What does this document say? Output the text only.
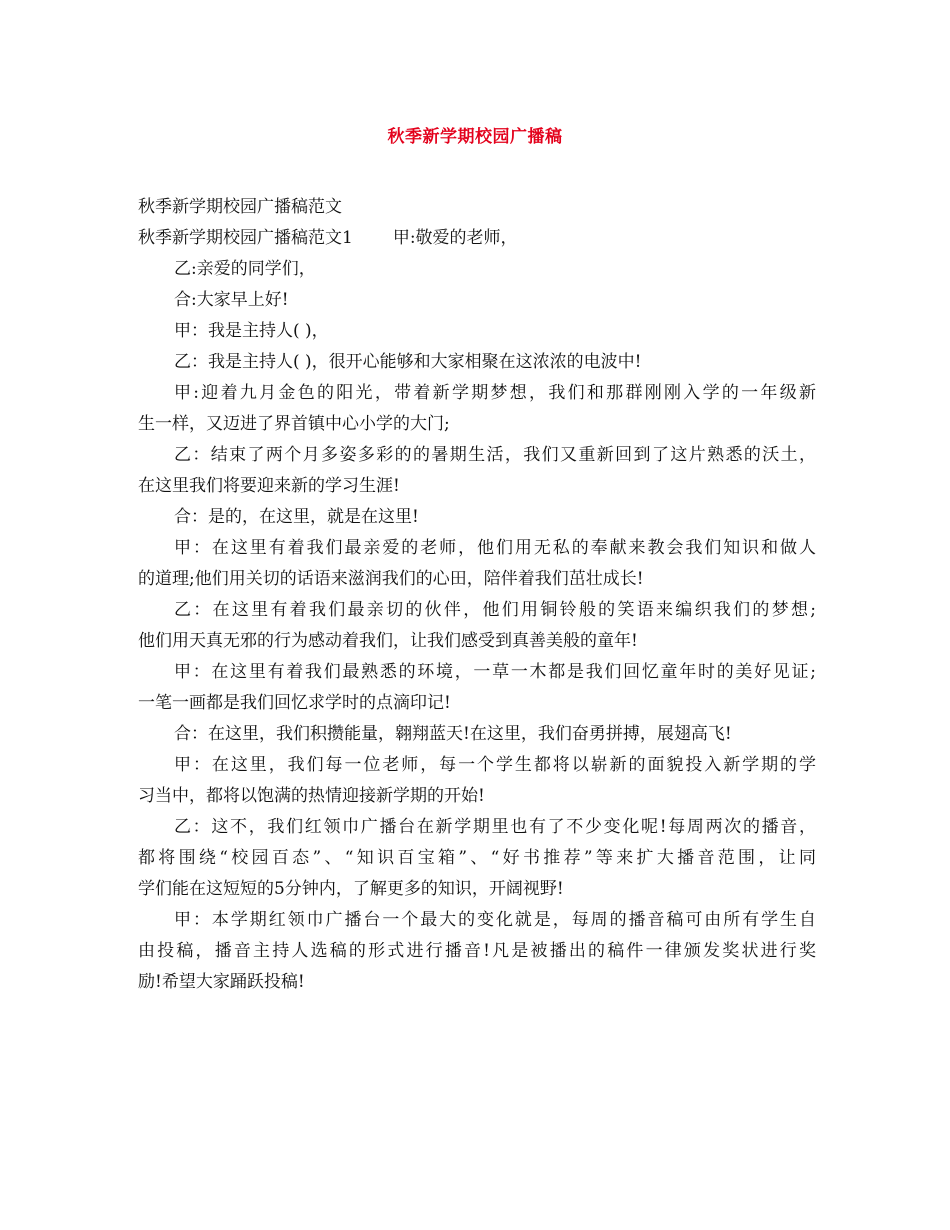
秋季新学期校园广播稿
秋季新学期校园广播稿范文
秋季新学期校园广播稿范文1 甲:敬爱的老师，
乙:亲爱的同学们，
合:大家早上好!
甲：我是主持人( )，
乙：我是主持人( )，很开心能够和大家相聚在这浓浓的电波中!
甲:迎着九月金色的阳光，带着新学期梦想，我们和那群刚刚入学的一年级新
生一样，又迈进了界首镇中心小学的大门;
乙：结束了两个月多姿多彩的的暑期生活，我们又重新回到了这片熟悉的沃土，
在这里我们将要迎来新的学习生涯!
合：是的，在这里，就是在这里!
甲：在这里有着我们最亲爱的老师，他们用无私的奉献来教会我们知识和做人
的道理;他们用关切的话语来滋润我们的心田，陪伴着我们茁壮成长!
乙：在这里有着我们最亲切的伙伴，他们用铜铃般的笑语来编织我们的梦想;
他们用天真无邪的行为感动着我们，让我们感受到真善美般的童年!
甲：在这里有着我们最熟悉的环境，一草一木都是我们回忆童年时的美好见证;
一笔一画都是我们回忆求学时的点滴印记!
合：在这里，我们积攒能量，翱翔蓝天!在这里，我们奋勇拼搏，展翅高飞!
甲：在这里，我们每一位老师，每一个学生都将以崭新的面貌投入新学期的学
习当中，都将以饱满的热情迎接新学期的开始!
乙：这不，我们红领巾广播台在新学期里也有了不少变化呢!每周两次的播音，
都将围绕“校园百态”、“知识百宝箱”、“好书推荐”等来扩大播音范围，让同
学们能在这短短的5分钟内，了解更多的知识，开阔视野!
甲：本学期红领巾广播台一个最大的变化就是，每周的播音稿可由所有学生自
由投稿，播音主持人选稿的形式进行播音!凡是被播出的稿件一律颁发奖状进行奖
励!希望大家踊跃投稿!
